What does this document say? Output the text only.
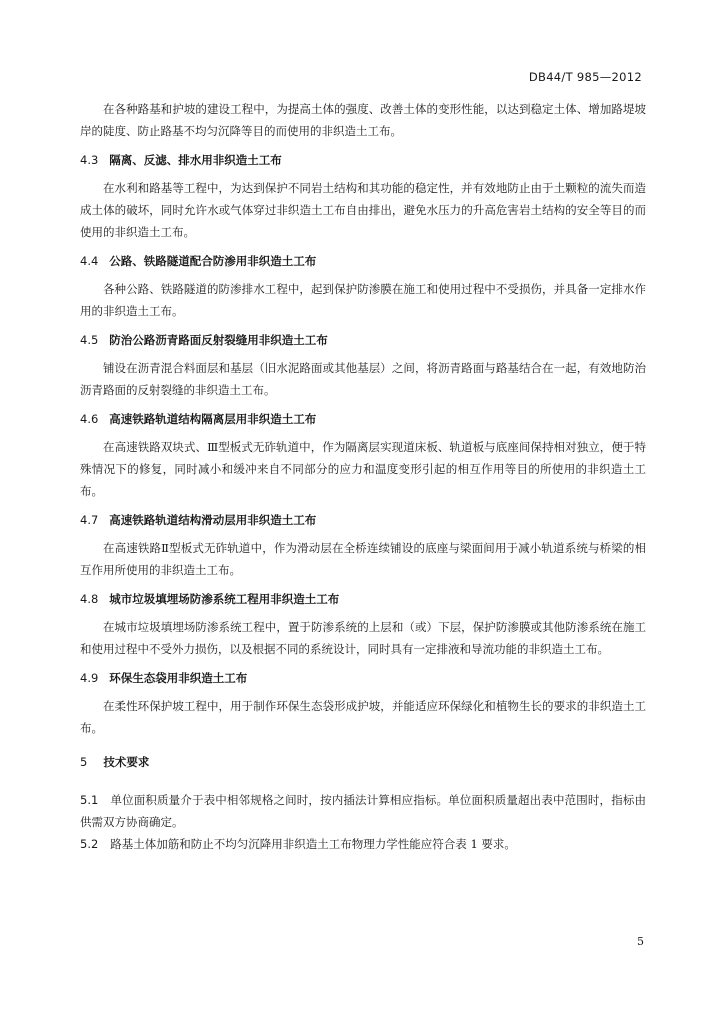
DB44/T 985—2012

在各种路基和护坡的建设工程中，为提高土体的强度、改善土体的变形性能，以达到稳定土体、增加路堤坡岸的陡度、防止路基不均匀沉降等目的而使用的非织造土工布。

4.3 隔离、反滤、排水用非织造土工布

在水利和路基等工程中，为达到保护不同岩土结构和其功能的稳定性，并有效地防止由于土颗粒的流失而造成土体的破坏，同时允许水或气体穿过非织造土工布自由排出，避免水压力的升高危害岩土结构的安全等目的而使用的非织造土工布。

4.4 公路、铁路隧道配合防渗用非织造土工布

各种公路、铁路隧道的防渗排水工程中，起到保护防渗膜在施工和使用过程中不受损伤，并具备一定排水作用的非织造土工布。

4.5 防治公路沥青路面反射裂缝用非织造土工布

铺设在沥青混合料面层和基层（旧水泥路面或其他基层）之间，将沥青路面与路基结合在一起，有效地防治沥青路面的反射裂缝的非织造土工布。

4.6 高速铁路轨道结构隔离层用非织造土工布

在高速铁路双块式、Ⅲ型板式无砟轨道中，作为隔离层实现道床板、轨道板与底座间保持相对独立，便于特殊情况下的修复，同时减小和缓冲来自不同部分的应力和温度变形引起的相互作用等目的所使用的非织造土工布。

4.7 高速铁路轨道结构滑动层用非织造土工布

在高速铁路Ⅱ型板式无砟轨道中，作为滑动层在全桥连续铺设的底座与梁面间用于减小轨道系统与桥梁的相互作用所使用的非织造土工布。

4.8 城市垃圾填埋场防渗系统工程用非织造土工布

在城市垃圾填埋场防渗系统工程中，置于防渗系统的上层和（或）下层，保护防渗膜或其他防渗系统在施工和使用过程中不受外力损伤，以及根据不同的系统设计，同时具有一定排液和导流功能的非织造土工布。

4.9 环保生态袋用非织造土工布

在柔性环保护坡工程中，用于制作环保生态袋形成护坡，并能适应环保绿化和植物生长的要求的非织造土工布。

5 技术要求

5.1 单位面积质量介于表中相邻规格之间时，按内插法计算相应指标。单位面积质量超出表中范围时，指标由供需双方协商确定。

5.2 路基土体加筋和防止不均匀沉降用非织造土工布物理力学性能应符合表 1 要求。

5
